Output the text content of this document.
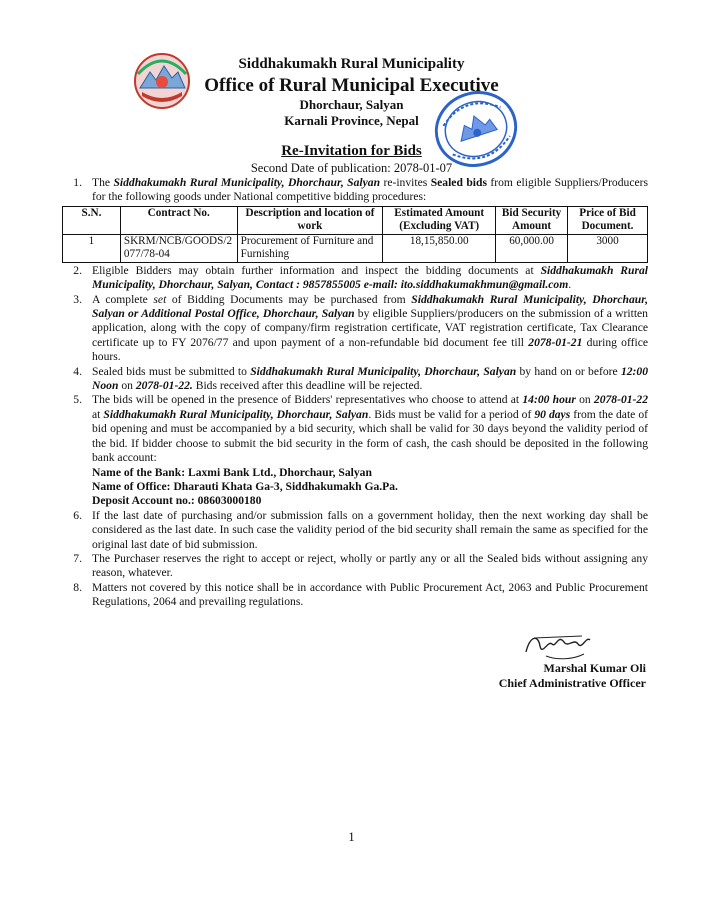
Siddhakumakh Rural Municipality
Office of Rural Municipal Executive
Dhorchaur, Salyan
Karnali Province, Nepal
Re-Invitation for Bids
Second Date of publication: 2078-01-07
1. The Siddhakumakh Rural Municipality, Dhorchaur, Salyan re-invites Sealed bids from eligible Suppliers/Producers for the following goods under National competitive bidding procedures:
S.N.	Contract No.	Description and location of work	Estimated Amount (Excluding VAT)	Bid Security Amount	Price of Bid Document.
1	SKRM/NCB/GOODS/2077/78-04	Procurement of Furniture and Furnishing	18,15,850.00	60,000.00	3000
2. Eligible Bidders may obtain further information and inspect the bidding documents at Siddhakumakh Rural Municipality, Dhorchaur, Salyan, Contact : 9857855005 e-mail: ito.siddhakumakhmun@gmail.com.
3. A complete set of Bidding Documents may be purchased from Siddhakumakh Rural Municipality, Dhorchaur, Salyan or Additional Postal Office, Dhorchaur, Salyan by eligible Suppliers/producers on the submission of a written application, along with the copy of company/firm registration certificate, VAT registration certificate, Tax Clearance certificate up to FY 2076/77 and upon payment of a non-refundable bid document fee till 2078-01-21 during office hours.
4. Sealed bids must be submitted to Siddhakumakh Rural Municipality, Dhorchaur, Salyan by hand on or before 12:00 Noon on 2078-01-22. Bids received after this deadline will be rejected.
5. The bids will be opened in the presence of Bidders' representatives who choose to attend at 14:00 hour on 2078-01-22 at Siddhakumakh Rural Municipality, Dhorchaur, Salyan. Bids must be valid for a period of 90 days from the date of bid opening and must be accompanied by a bid security, which shall be valid for 30 days beyond the validity period of the bid. If bidder choose to submit the bid security in the form of cash, the cash should be deposited in the following bank account:
Name of the Bank: Laxmi Bank Ltd., Dhorchaur, Salyan
Name of Office: Dharauti Khata Ga-3, Siddhakumakh Ga.Pa.
Deposit Account no.: 08603000180
6. If the last date of purchasing and/or submission falls on a government holiday, then the next working day shall be considered as the last date. In such case the validity period of the bid security shall remain the same as specified for the original last date of bid submission.
7. The Purchaser reserves the right to accept or reject, wholly or partly any or all the Sealed bids without assigning any reason, whatever.
8. Matters not covered by this notice shall be in accordance with Public Procurement Act, 2063 and Public Procurement Regulations, 2064 and prevailing regulations.
Marshal Kumar Oli
Chief Administrative Officer
1
